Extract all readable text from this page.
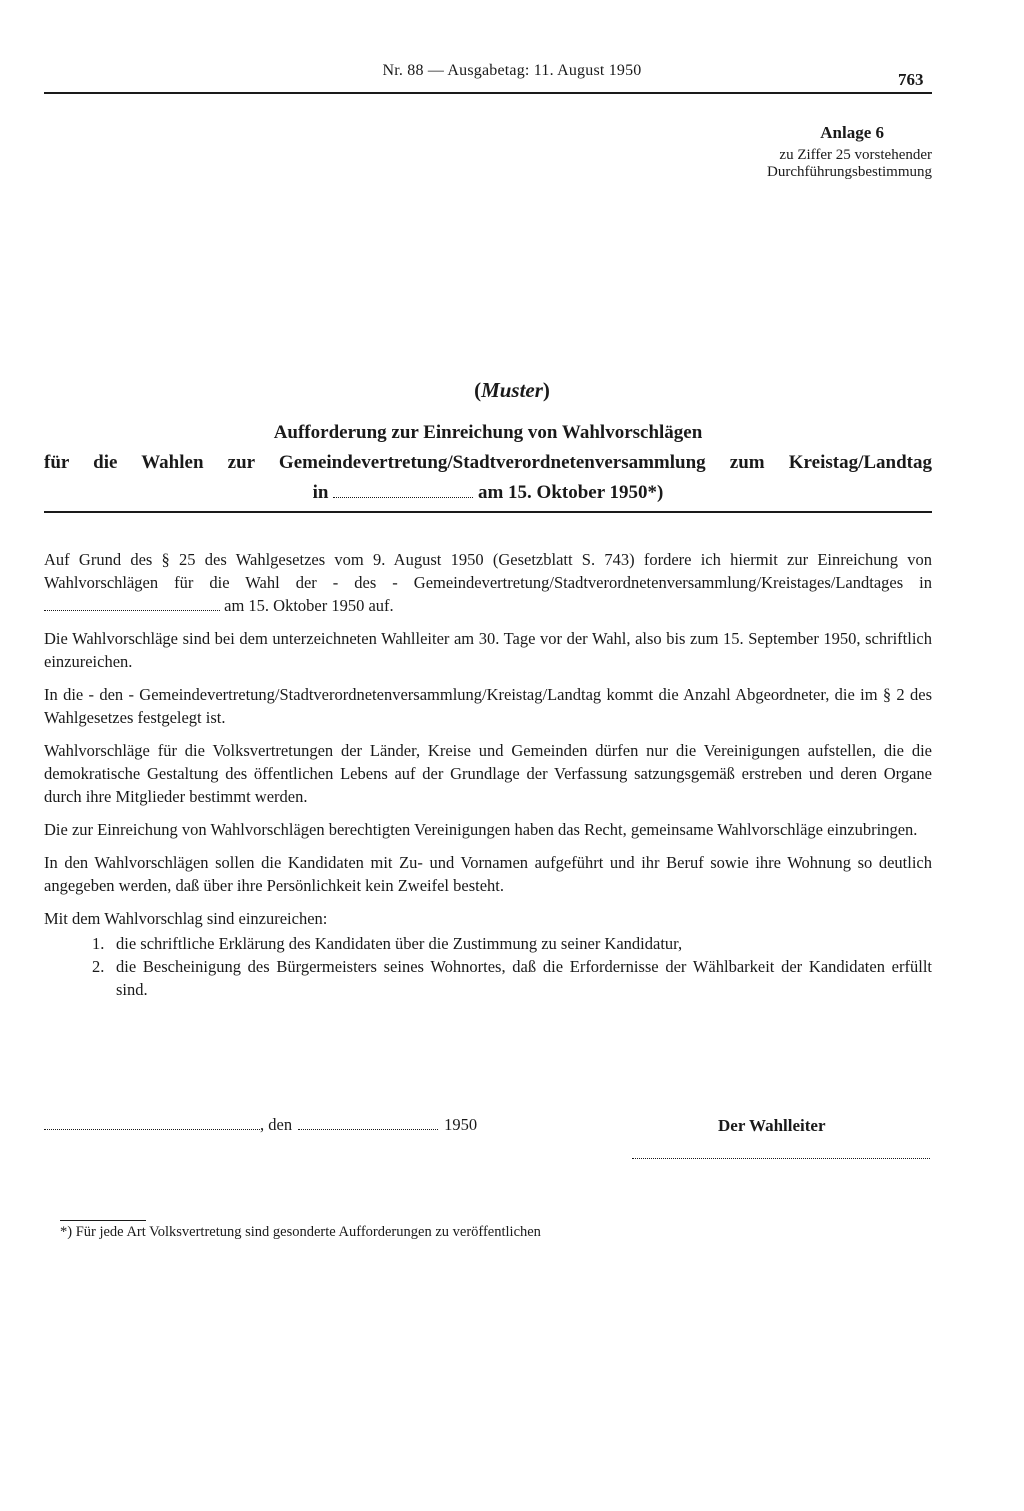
Nr. 88 — Ausgabetag: 11. August 1950	763
Anlage 6
zu Ziffer 25 vorstehender
Durchführungsbestimmung
(Muster)
Aufforderung zur Einreichung von Wahlvorschlägen
für die Wahlen zur Gemeindevertretung/Stadtverordnetenversammlung zum Kreistag/Landtag
in	am 15. Oktober 1950*)

Auf Grund des § 25 des Wahlgesetzes vom 9. August 1950 (Gesetzblatt S. 743) fordere ich hiermit zur Einreichung von Wahlvorschlägen für die Wahl der - des - Gemeindevertretung/Stadtverordnetenversammlung/Kreistages/Landtages in  am 15. Oktober 1950 auf.

Die Wahlvorschläge sind bei dem unterzeichneten Wahlleiter am 30. Tage vor der Wahl, also bis zum 15. September 1950, schriftlich einzureichen.

In die - den - Gemeindevertretung/Stadtverordnetenversammlung/Kreistag/Landtag kommt die Anzahl Abgeordneter, die im § 2 des Wahlgesetzes festgelegt ist.

Wahlvorschläge für die Volksvertretungen der Länder, Kreise und Gemeinden dürfen nur die Vereinigungen aufstellen, die die demokratische Gestaltung des öffentlichen Lebens auf der Grundlage der Verfassung satzungsgemäß erstreben und deren Organe durch ihre Mitglieder bestimmt werden.

Die zur Einreichung von Wahlvorschlägen berechtigten Vereinigungen haben das Recht, gemeinsame Wahlvorschläge einzubringen.

In den Wahlvorschlägen sollen die Kandidaten mit Zu- und Vornamen aufgeführt und ihr Beruf sowie ihre Wohnung so deutlich angegeben werden, daß über ihre Persönlichkeit kein Zweifel besteht.

Mit dem Wahlvorschlag sind einzureichen:

1. die schriftliche Erklärung des Kandidaten über die Zustimmung zu seiner Kandidatur,
2. die Bescheinigung des Bürgermeisters seines Wohnortes, daß die Erfordernisse der Wählbarkeit der Kandidaten erfüllt sind.
, den	1950	Der Wahlleiter
*) Für jede Art Volksvertretung sind gesonderte Aufforderungen zu veröffentlichen
